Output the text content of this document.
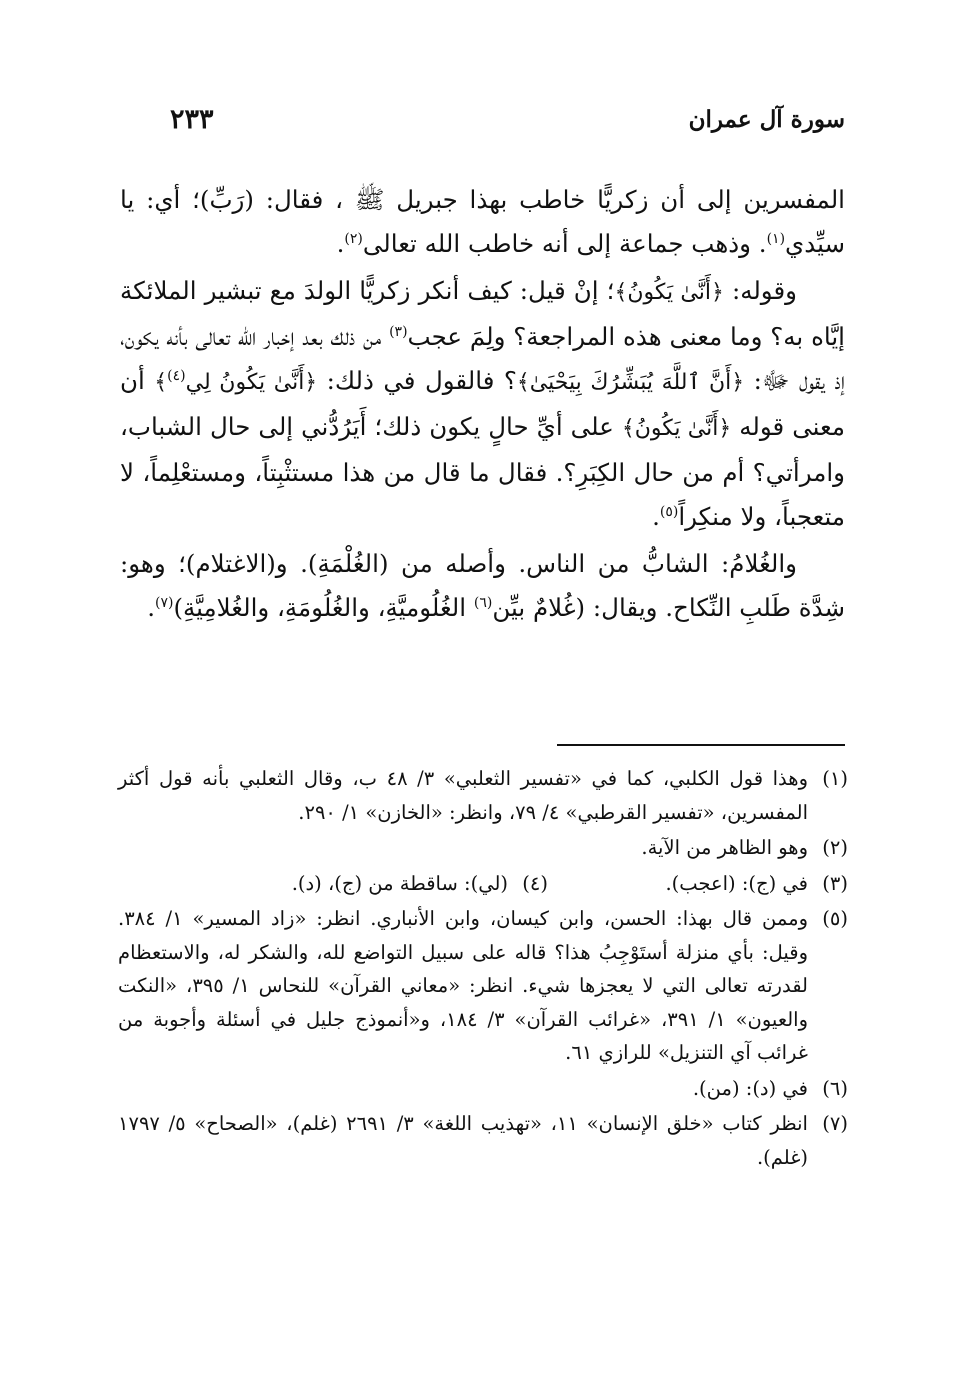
سورة آل عمران
٢٣٣

المفسرين إلى أن زكريًّا خاطب بهذا جبريل ﷺ ، فقال: (رَبِّ)؛ أي: يا سيِّدي$^{(١)}$. وذهب جماعة إلى أنه خاطب الله تعالى$^{(٢)}$.

وقوله: ﴿أَنَّىٰ يَكُونُ﴾؛ إنْ قيل: كيف أنكر زكريًّا الولدَ مع تبشير الملائكة إيَّاه به؟ وما معنى هذه المراجعة؟ ولِمَ عجب$^{(٣)}$ من ذلك بعد إخبار الله تعالى بأنه يكون، إذ يقول ﷻ: ﴿أَنَّ ٱللَّهَ يُبَشِّرُكَ بِيَحْيَىٰ﴾؟ فالقول في ذلك: ﴿أَنَّىٰ يَكُونُ لِي$^{(٤)}$﴾ أن معنى قوله ﴿أَنَّىٰ يَكُونُ﴾ على أيِّ حالٍ يكون ذلك؛ أَيَرُدُّني إلى حال الشباب، وامرأتي؟ أم من حال الكِبَرِ؟. فقال ما قال من هذا مستثْبِتاً، ومستعْلِماً، لا متعجباً، ولا منكِراً$^{(٥)}$.

والغُلامُ: الشابُّ من الناس. وأصله من (الغُلْمَةِ). و(الاغتلام)؛ وهو: شِدَّة طَلبِ النِّكاح. ويقال: (غُلامٌ بيِّن$^{(٦)}$ الغُلُوميَّةِ، والغُلُومَةِ، والغُلامِيَّةِ)$^{(٧)}$.

(١)
وهذا قول الكلبي، كما في «تفسير الثعلبي» ٣/ ٤٨ ب، وقال الثعلبي بأنه قول أكثر المفسرين، «تفسير القرطبي» ٤/ ٧٩، وانظر: «الخازن» ١/ ٢٩٠.
(٢)
وهو الظاهر من الآية.
(٣)
في (ج): (اعجب).
(٤)
(لي): ساقطة من (ج)، (د).
(٥)
وممن قال بهذا: الحسن، وابن كيسان، وابن الأنباري. انظر: «زاد المسير» ١/ ٣٨٤. وقيل: بأي منزلة أستَوْجِبُ هذا؟ قاله على سبيل التواضع لله، والشكر له، والاستعظام لقدرته تعالى التي لا يعجزها شيء. انظر: «معاني القرآن» للنحاس ١/ ٣٩٥، «النكت والعيون» ١/ ٣٩١، «غرائب القرآن» ٣/ ١٨٤، و«أنموذج جليل في أسئلة وأجوبة من غرائب آي التنزيل» للرازي ٦١.
(٦)
في (د): (من).
(٧)
انظر كتاب «خلق الإنسان» ١١، «تهذيب اللغة» ٣/ ٢٦٩١ (غلم)، «الصحاح» ٥/ ١٧٩٧ (غلم).
